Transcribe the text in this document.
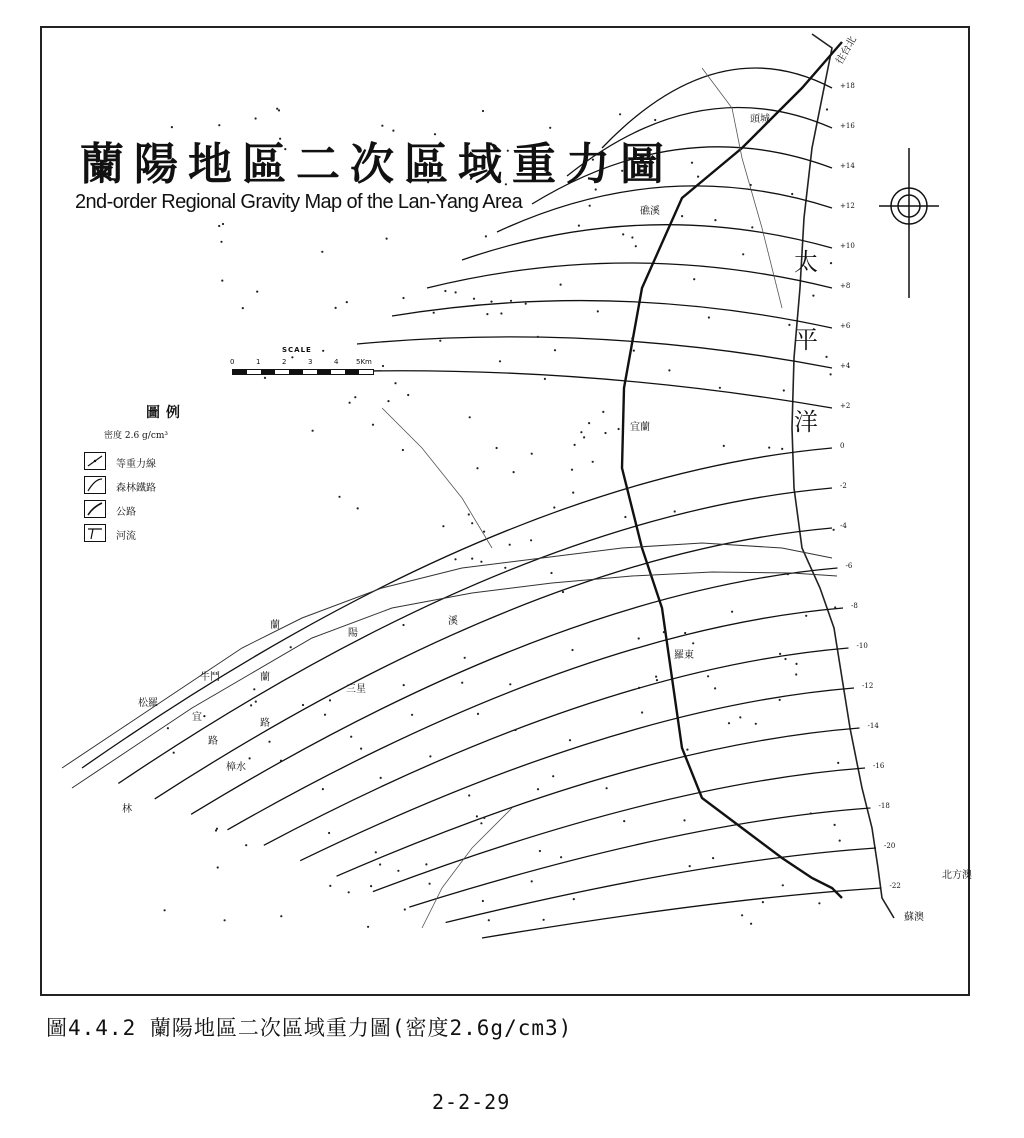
蘭陽地區二次區域重力圖
2nd-order Regional Gravity Map of the Lan-Yang Area
SCALE
0	1	2	3	4	5Km
圖例
密度 2.6 g/cm³
等重力線
森林鐵路
公路
河流
太
平
洋
頭城
礁溪
宜蘭
羅東
三星
北方澳
蘇澳
牛鬥
松羅
樟水
往台北
蘭
陽
溪
宜
蘭
路
林
路
+18
+16
+14
+12
+10
+8
+6
+4
+2
0
-2
-4
-6
-8
-10
-12
-14
-16
-18
-20
-22
圖4.4.2 蘭陽地區二次區域重力圖(密度2.6g/cm3)
2-2-29
